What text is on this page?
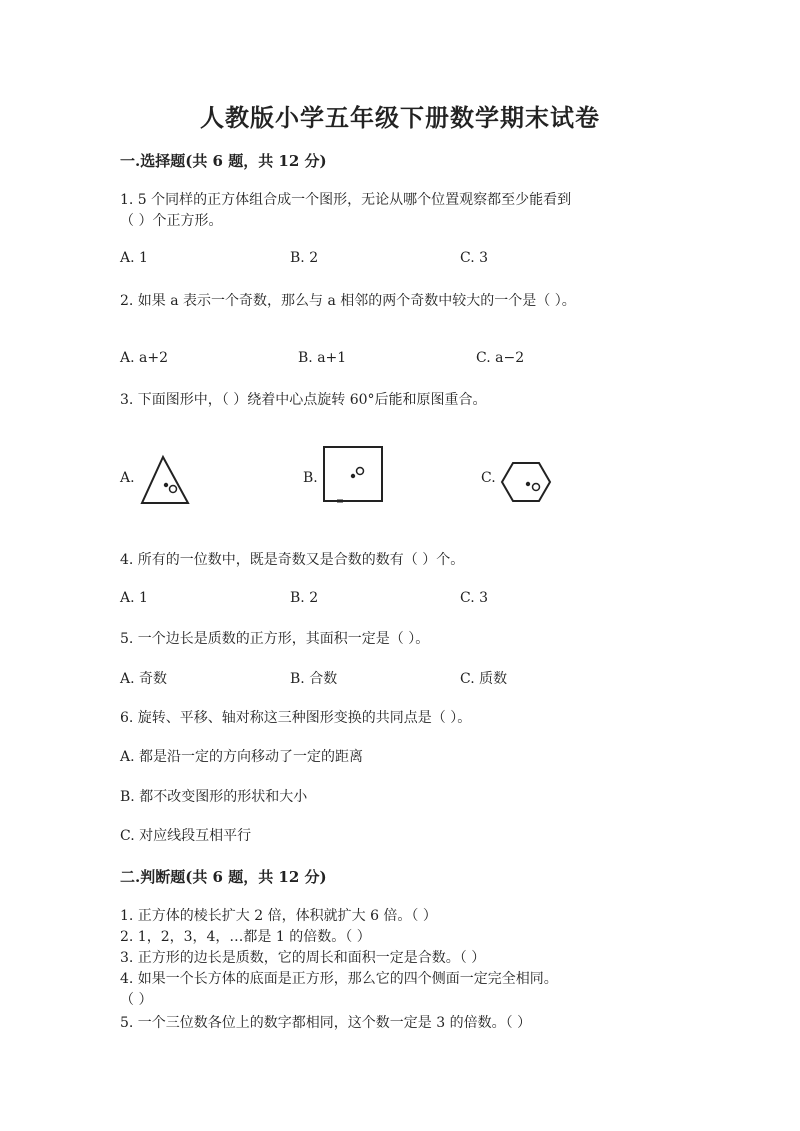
人教版小学五年级下册数学期末试卷
一.选择题(共 6 题，共 12 分)
1. 5 个同样的正方体组合成一个图形，无论从哪个位置观察都至少能看到
（ ）个正方形。
A. 1	B. 2	C. 3
2. 如果 a 表示一个奇数，那么与 a 相邻的两个奇数中较大的一个是（ ）。
A. a+2	B. a+1	C. a−2
3. 下面图形中，（ ）绕着中心点旋转 60°后能和原图重合。
A.	B.	C.
4. 所有的一位数中，既是奇数又是合数的数有（ ）个。
A. 1	B. 2	C. 3
5. 一个边长是质数的正方形，其面积一定是（ ）。
A. 奇数	B. 合数	C. 质数
6. 旋转、平移、轴对称这三种图形变换的共同点是（ ）。
A. 都是沿一定的方向移动了一定的距离
B. 都不改变图形的形状和大小
C. 对应线段互相平行
二.判断题(共 6 题，共 12 分)
1. 正方体的棱长扩大 2 倍，体积就扩大 6 倍。（ ）
2. 1，2，3，4，…都是 1 的倍数。（ ）
3. 正方形的边长是质数，它的周长和面积一定是合数。（ ）
4. 如果一个长方体的底面是正方形，那么它的四个侧面一定完全相同。
（ ）
5. 一个三位数各位上的数字都相同，这个数一定是 3 的倍数。（ ）
